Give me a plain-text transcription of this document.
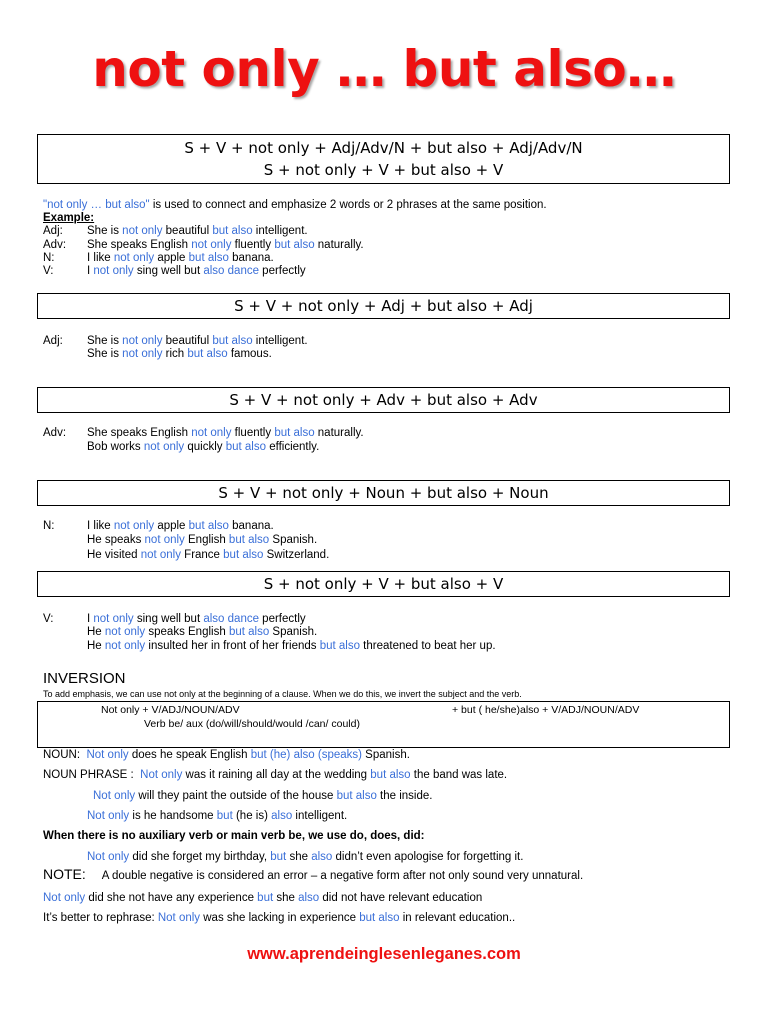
not only … but also…
S + V + not only + Adj/Adv/N + but also + Adj/Adv/N
S + not only + V + but also + V
"not only … but also" is used to connect and emphasize 2 words or 2 phrases at the same position.
Example:
Adj: She is not only beautiful but also intelligent.
Adv: She speaks English not only fluently but also naturally.
N:	I like not only apple but also banana.
V:	I not only sing well but also dance perfectly
S + V + not only + Adj + but also + Adj
Adj: She is not only beautiful but also intelligent.
She is not only rich but also famous.
S + V + not only + Adv + but also + Adv
Adv: She speaks English not only fluently but also naturally.
Bob works not only quickly but also efficiently.
S + V + not only + Noun + but also + Noun
N:	I like not only apple but also banana.
He speaks not only English but also Spanish.
He visited not only France but also Switzerland.
S + not only + V + but also + V
V:	I not only sing well but also dance perfectly
He not only speaks English but also Spanish.
He not only insulted her in front of her friends but also threatened to beat her up.
INVERSION
To add emphasis, we can use not only at the beginning of a clause. When we do this, we invert the subject and the verb.
Not only + V/ADJ/NOUN/ADV	+ but ( he/she)also + V/ADJ/NOUN/ADV
Verb be/ aux (do/will/should/would /can/ could)
NOUN: Not only does he speak English but (he) also (speaks) Spanish.
NOUN PHRASE : Not only was it raining all day at the wedding but also the band was late.
Not only will they paint the outside of the house but also the inside.
Not only is he handsome but (he is) also intelligent.
When there is no auxiliary verb or main verb be, we use do, does, did:
Not only did she forget my birthday, but she also didn’t even apologise for forgetting it.
NOTE: A double negative is considered an error – a negative form after not only sound very unnatural.
Not only did she not have any experience but she also did not have relevant education
It’s better to rephrase: Not only was she lacking in experience but also in relevant education..
www.aprendeinglesenleganes.com
